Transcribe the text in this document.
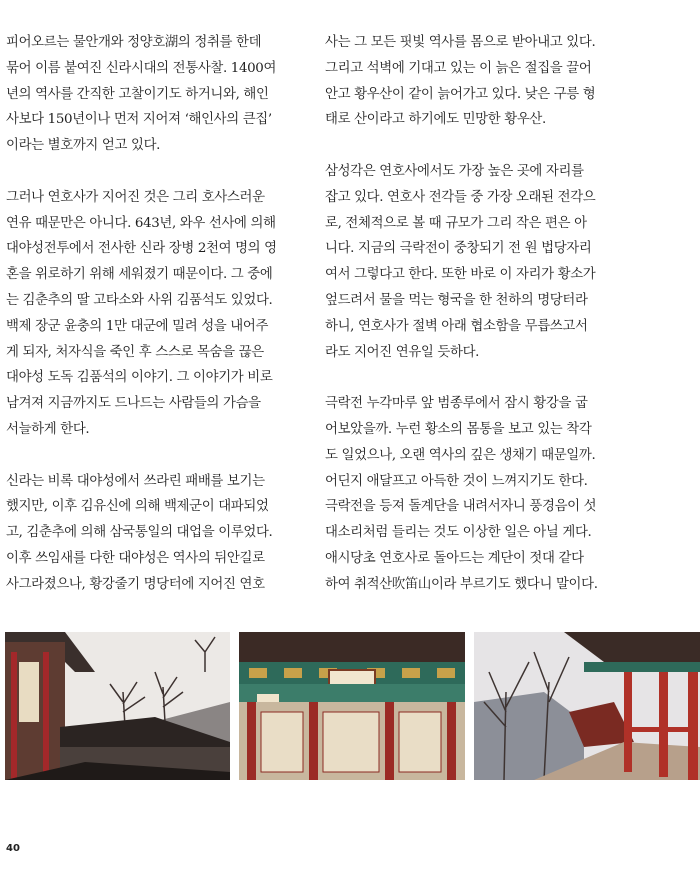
피어오르는 물안개와 정양호湖의 정취를 한데
묶어 이름 붙여진 신라시대의 전통사찰. 1400여
년의 역사를 간직한 고찰이기도 하거니와, 해인
사보다 150년이나 먼저 지어져 ‘해인사의 큰집’
이라는 별호까지 얻고 있다.

그러나 연호사가 지어진 것은 그리 호사스러운
연유 때문만은 아니다. 643년, 와우 선사에 의해
대야성전투에서 전사한 신라 장병 2천여 명의 영
혼을 위로하기 위해 세워졌기 때문이다. 그 중에
는 김춘추의 딸 고타소와 사위 김품석도 있었다.
백제 장군 윤충의 1만 대군에 밀려 성을 내어주
게 되자, 처자식을 죽인 후 스스로 목숨을 끊은
대야성 도독 김품석의 이야기. 그 이야기가 비로
남겨져 지금까지도 드나드는 사람들의 가슴을
서늘하게 한다.

신라는 비록 대야성에서 쓰라린 패배를 보기는
했지만, 이후 김유신에 의해 백제군이 대파되었
고, 김춘추에 의해 삼국통일의 대업을 이루었다.
이후 쓰임새를 다한 대야성은 역사의 뒤안길로
사그라졌으나, 황강줄기 명당터에 지어진 연호

사는 그 모든 핏빛 역사를 몸으로 받아내고 있다.
그리고 석벽에 기대고 있는 이 늙은 절집을 끌어
안고 황우산이 같이 늙어가고 있다. 낮은 구릉 형
태로 산이라고 하기에도 민망한 황우산.

삼성각은 연호사에서도 가장 높은 곳에 자리를
잡고 있다. 연호사 전각들 중 가장 오래된 전각으
로, 전체적으로 볼 때 규모가 그리 작은 편은 아
니다. 지금의 극락전이 중창되기 전 원 법당자리
여서 그렇다고 한다. 또한 바로 이 자리가 황소가
엎드려서 물을 먹는 형국을 한 천하의 명당터라
하니, 연호사가 절벽 아래 협소함을 무릅쓰고서
라도 지어진 연유일 듯하다.

극락전 누각마루 앞 범종루에서 잠시 황강을 굽
어보았을까. 누런 황소의 몸통을 보고 있는 착각
도 일었으나, 오랜 역사의 깊은 생채기 때문일까.
어딘지 애달프고 아득한 것이 느껴지기도 한다.
극락전을 등져 돌계단을 내려서자니 풍경음이 섯
대소리처럼 들리는 것도 이상한 일은 아닐 게다.
애시당초 연호사로 돌아드는 계단이 젓대 같다
하여 취적산吹笛山이라 부르기도 했다니 말이다.

40
